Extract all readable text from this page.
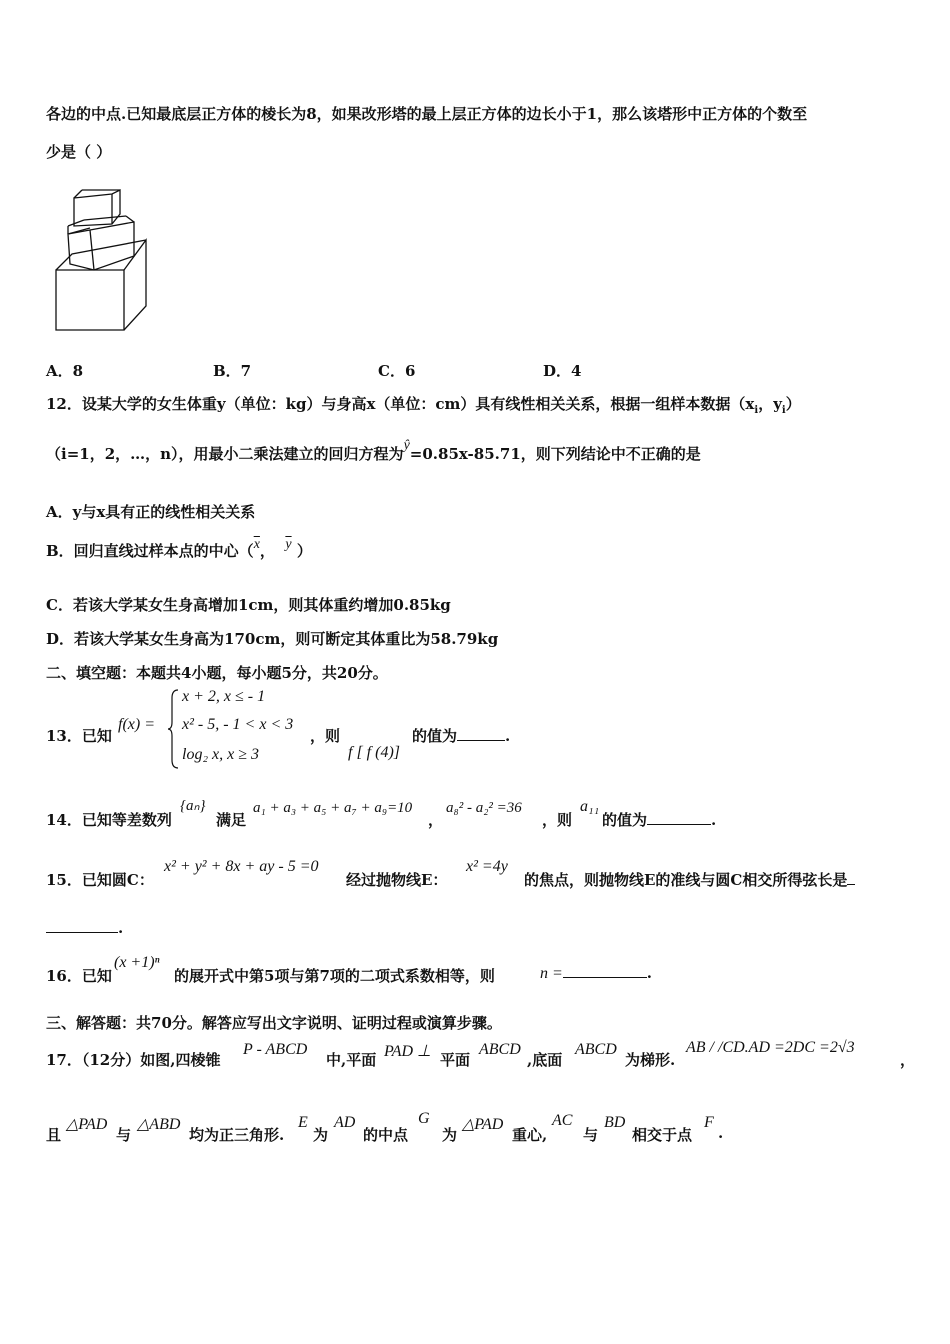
各边的中点.已知最底层正方体的棱长为8，如果改形塔的最上层正方体的边长小于1，那么该塔形中正方体的个数至
少是（ ）
A．8	B．7	C．6	D．4
12．设某大学的女生体重y（单位：kg）与身高x（单位：cm）具有线性相关关系，根据一组样本数据（$x_i$，$y_i$）
（i=1，2，…，n），用最小二乘法建立的回归方程为ŷ=0.85x-85.71，则下列结论中不正确的是
A．y与x具有正的线性相关关系
B．回归直线过样本点的中心（$\overline{x}$， $\overline{y}$ ）
C．若该大学某女生身高增加1cm，则其体重约增加0.85kg
D．若该大学某女生身高为170cm，则可断定其体重比为58.79kg
二、填空题：本题共4小题，每小题5分，共20分。
13．已知
f(x) =
x + 2, x ≤ - 1
x² - 5, - 1 < x < 3
log₂ x, x ≥ 3
，则
f [ f (4)]
的值为	.
14．已知等差数列
{aₙ}
满足
a₁ + a₃ + a₅ + a₇ + a₉=10
，
a₈² - a₂² =36
，则
a₁₁
的值为	.
15．已知圆C：
x² + y² + 8x + ay - 5 =0
经过抛物线E：
x² =4y
的焦点，则抛物线E的准线与圆C相交所得弦长是
.
16．已知
(x +1)ⁿ
的展开式中第5项与第7项的二项式系数相等，则	n =	.
三、解答题：共70分。解答应写出文字说明、证明过程或演算步骤。
17．（12分）如图,四棱锥
P - ABCD
中,平面 PAD ⊥ 平面
ABCD
,底面
ABCD
为梯形.
AB / /CD.AD =2DC =2√3
，
且
△PAD
与
△ABD
均为正三角形.
E
为
AD
的中点
G
为
△PAD
重心,
AC
与
BD
相交于点
F
.
